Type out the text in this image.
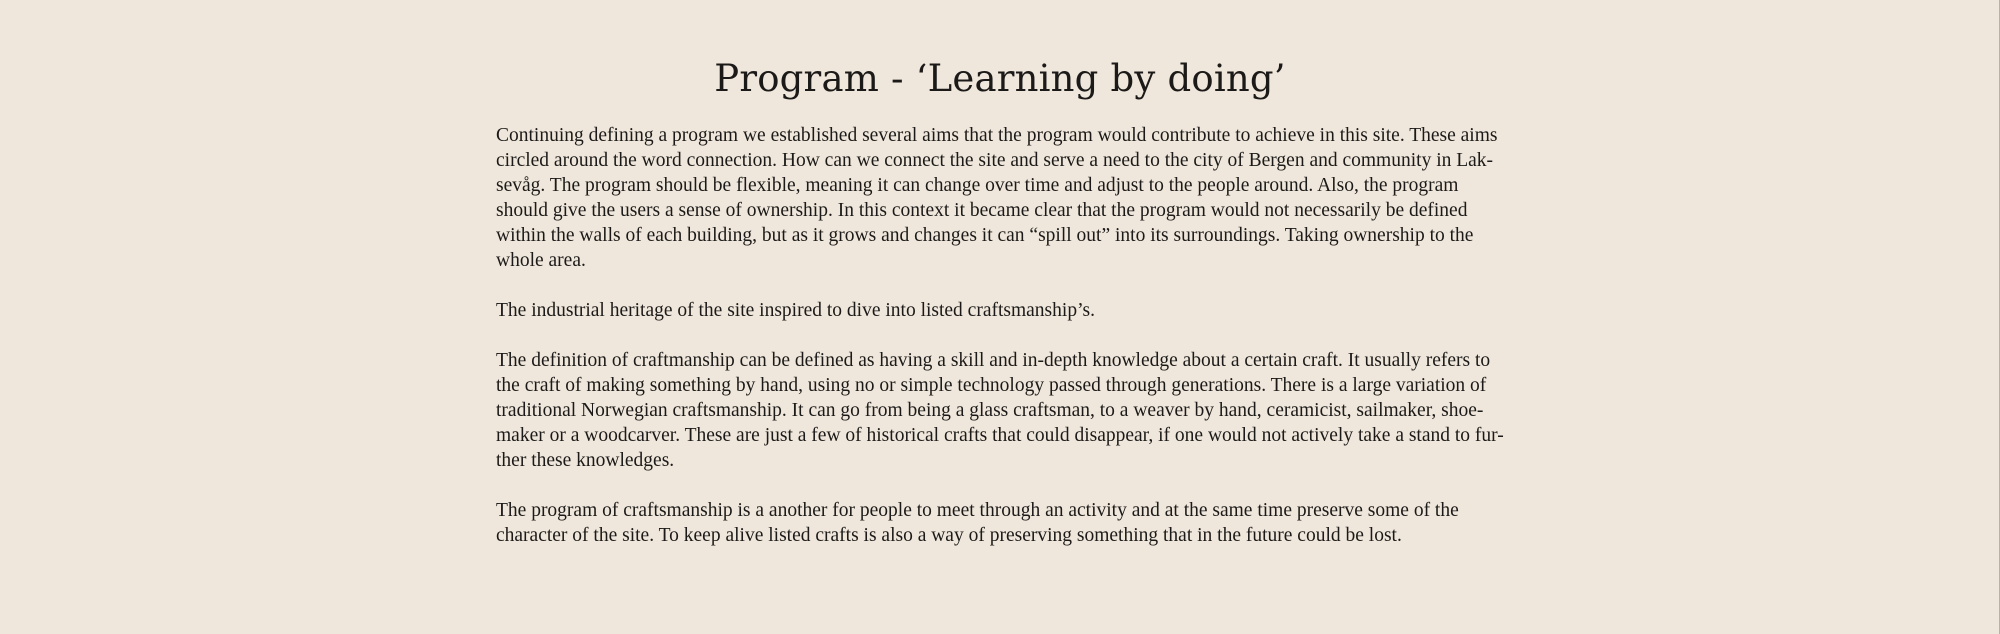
Program - ‘Learning by doing’
Continuing defining a program we established several aims that the program would contribute to achieve in this site. These aims
circled around the word connection. How can we connect the site and serve a need to the city of Bergen and community in Lak-
sevåg. The program should be flexible, meaning it can change over time and adjust to the people around. Also, the program
should give the users a sense of ownership. In this context it became clear that the program would not necessarily be defined
within the walls of each building, but as it grows and changes it can “spill out” into its surroundings. Taking ownership to the
whole area.
The industrial heritage of the site inspired to dive into listed craftsmanship’s.
The definition of craftmanship can be defined as having a skill and in-depth knowledge about a certain craft. It usually refers to
the craft of making something by hand, using no or simple technology passed through generations. There is a large variation of
traditional Norwegian craftsmanship. It can go from being a glass craftsman, to a weaver by hand, ceramicist, sailmaker, shoe-
maker or a woodcarver. These are just a few of historical crafts that could disappear, if one would not actively take a stand to fur-
ther these knowledges.
The program of craftsmanship is a another for people to meet through an activity and at the same time preserve some of the
character of the site. To keep alive listed crafts is also a way of preserving something that in the future could be lost.
